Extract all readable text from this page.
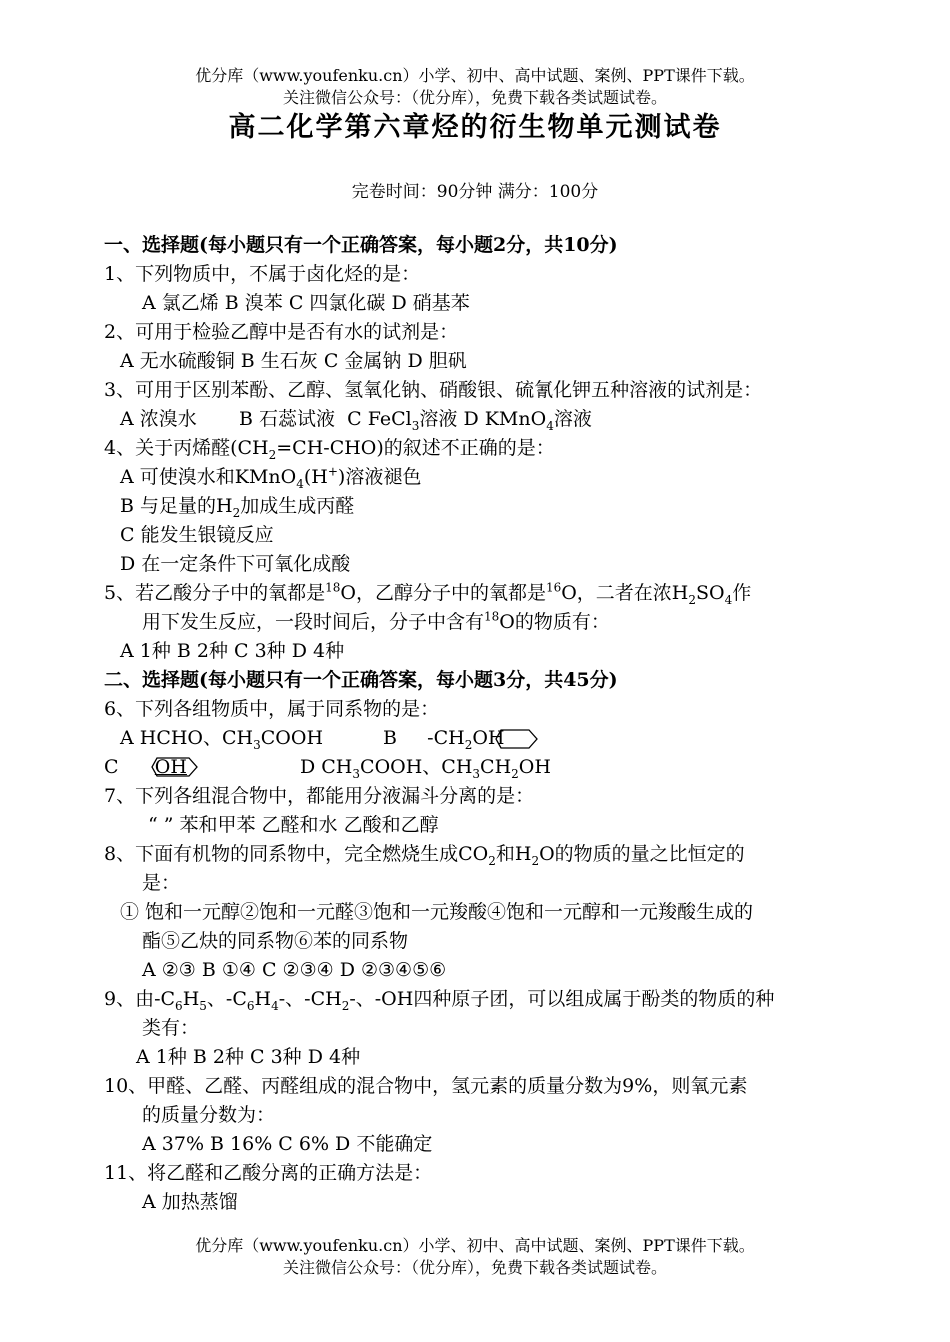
优分库（www.youfenku.cn）小学、初中、高中试题、案例、PPT课件下载。
关注微信公众号：（优分库），免费下载各类试题试卷。
高二化学第六章烃的衍生物单元测试卷
完卷时间：90分钟 满分：100分
一、选择题(每小题只有一个正确答案，每小题2分，共10分)
1、下列物质中，不属于卤化烃的是：
A 氯乙烯 B 溴苯 C 四氯化碳 D 硝基苯
2、可用于检验乙醇中是否有水的试剂是：
A 无水硫酸铜 B 生石灰 C 金属钠 D 胆矾
3、可用于区别苯酚、乙醇、氢氧化钠、硝酸银、硫氰化钾五种溶液的试剂是：
A 浓溴水 B 石蕊试液 C FeCl$_3$溶液 D KMnO$_4$溶液
4、关于丙烯醛$(CH_2=CH-CHO)$的叙述不正确的是：
A 可使溴水和KMnO$_4$(H+)溶液褪色
B 与足量的$H_2$加成生成丙醛
C 能发生银镜反应
D 在一定条件下可氧化成酸
5、若乙酸分子中的氧都是$^{18}$O，乙醇分子中的氧都是$^{16}$O，二者在浓$H_2SO_4$作
用下发生反应，一段时间后，分子中含有$^{18}$O的物质有：
A 1种 B 2种 C 3种 D 4种
二、选择题(每小题只有一个正确答案，每小题3分，共45分)
6、下列各组物质中，属于同系物的是：
A HCHO、$CH_3COOH$	B $-CH_2OH$
C OH	D $CH_3COOH$、$CH_3CH_2OH$
7、下列各组混合物中，都能用分液漏斗分离的是：
“ ” 苯和甲苯 乙醛和水 乙酸和乙醇
8、下面有机物的同系物中，完全燃烧生成$CO_2$和$H_2O$的物质的量之比恒定的
是：
① 饱和一元醇②饱和一元醛③饱和一元羧酸④饱和一元醇和一元羧酸生成的
酯⑤乙炔的同系物⑥苯的同系物
A ②③ B ①④ C ②③④ D ②③④⑤⑥
9、由$-C_6H_5$、$-C_6H_4-$、$-CH_2-$、-OH四种原子团，可以组成属于酚类的物质的种
类有：
A 1种 B 2种 C 3种 D 4种
10、甲醛、乙醛、丙醛组成的混合物中，氢元素的质量分数为9%，则氧元素
的质量分数为：
A 37% B 16% C 6% D 不能确定
11、将乙醛和乙酸分离的正确方法是：
A 加热蒸馏
优分库（www.youfenku.cn）小学、初中、高中试题、案例、PPT课件下载。
关注微信公众号：（优分库），免费下载各类试题试卷。
